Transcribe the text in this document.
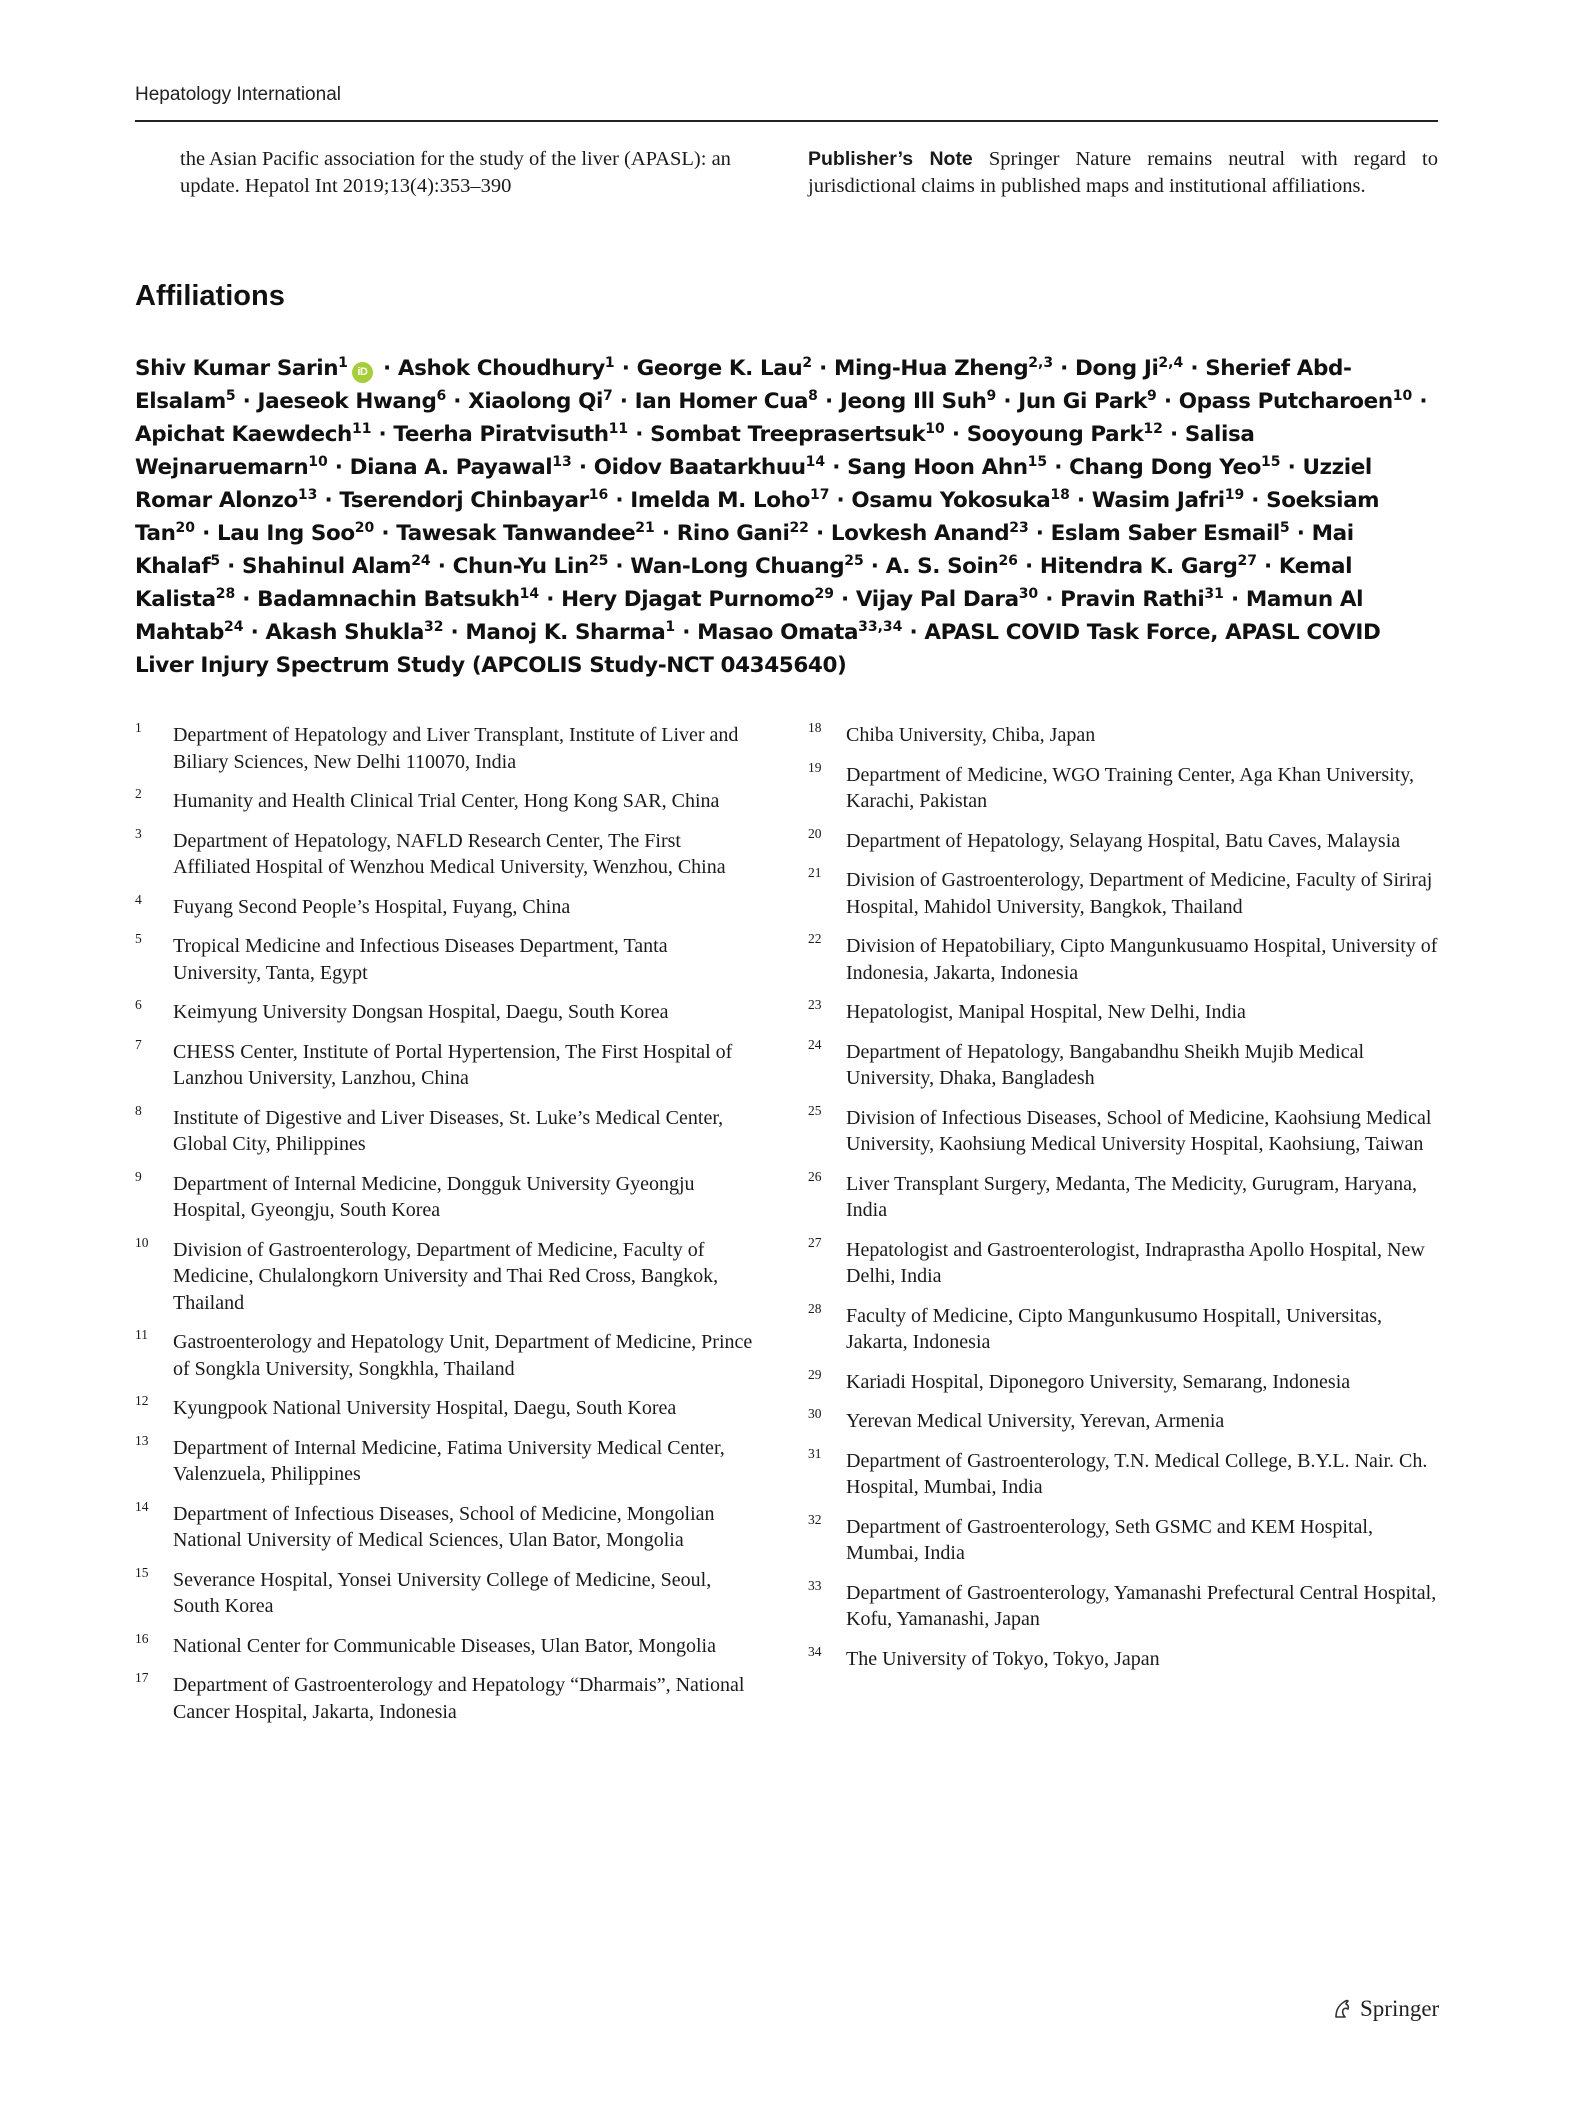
Hepatology International
the Asian Pacific association for the study of the liver (APASL): an update. Hepatol Int 2019;13(4):353–390
Publisher’s Note Springer Nature remains neutral with regard to jurisdictional claims in published maps and institutional affiliations.
Affiliations
Shiv Kumar Sarin$^1$iD · Ashok Choudhury$^1$ · George K. Lau$^2$ · Ming-Hua Zheng$^{2,3}$ · Dong Ji$^{2,4}$ · Sherief Abd-Elsalam$^5$ · Jaeseok Hwang$^6$ · Xiaolong $Qi^7$ · Ian Homer Cua$^8$ · Jeong Ill Suh$^9$ · Jun Gi Park$^9$ · Opass Putcharoen$^{10}$ · Apichat Kaewdech$^{11}$ · Teerha Piratvisuth$^{11}$ · Sombat Treeprasertsuk$^{10}$ · Sooyoung Park$^{12}$ · Salisa Wejnaruemarn$^{10}$ · Diana A. Payawal$^{13}$ · Oidov Baatarkhuu$^{14}$ · Sang Hoon Ahn$^{15}$ · Chang Dong Yeo$^{15}$ · Uzziel Romar Alonzo$^{13}$ · Tserendorj Chinbayar$^{16}$ · Imelda M. Loho$^{17}$ · Osamu Yokosuka$^{18}$ · Wasim Jafri$^{19}$ · Soeksiam Tan$^{20}$ · Lau Ing Soo$^{20}$ · Tawesak Tanwandee$^{21}$ · Rino Gani$^{22}$ · Lovkesh Anand$^{23}$ · Eslam Saber Esmail$^5$ · Mai Khalaf$^5$ · Shahinul Alam$^{24}$ · Chun-Yu Lin$^{25}$ · Wan-Long Chuang$^{25}$ · A. S. Soin$^{26}$ · Hitendra K. Garg$^{27}$ · Kemal Kalista$^{28}$ · Badamnachin Batsukh$^{14}$ · Hery Djagat Purnomo$^{29}$ · Vijay Pal Dara$^{30}$ · Pravin Rathi$^{31}$ · Mamun Al Mahtab$^{24}$ · Akash Shukla$^{32}$ · Manoj K. Sharma$^1$ · Masao Omata$^{33,34}$ · APASL COVID Task Force, APASL COVID Liver Injury Spectrum Study (APCOLIS Study-NCT 04345640)
1 Department of Hepatology and Liver Transplant, Institute of Liver and Biliary Sciences, New Delhi 110070, India
2 Humanity and Health Clinical Trial Center, Hong Kong SAR, China
3 Department of Hepatology, NAFLD Research Center, The First Affiliated Hospital of Wenzhou Medical University, Wenzhou, China
4 Fuyang Second People’s Hospital, Fuyang, China
5 Tropical Medicine and Infectious Diseases Department, Tanta University, Tanta, Egypt
6 Keimyung University Dongsan Hospital, Daegu, South Korea
7 CHESS Center, Institute of Portal Hypertension, The First Hospital of Lanzhou University, Lanzhou, China
8 Institute of Digestive and Liver Diseases, St. Luke’s Medical Center, Global City, Philippines
9 Department of Internal Medicine, Dongguk University Gyeongju Hospital, Gyeongju, South Korea
10 Division of Gastroenterology, Department of Medicine, Faculty of Medicine, Chulalongkorn University and Thai Red Cross, Bangkok, Thailand
11 Gastroenterology and Hepatology Unit, Department of Medicine, Prince of Songkla University, Songkhla, Thailand
12 Kyungpook National University Hospital, Daegu, South Korea
13 Department of Internal Medicine, Fatima University Medical Center, Valenzuela, Philippines
14 Department of Infectious Diseases, School of Medicine, Mongolian National University of Medical Sciences, Ulan Bator, Mongolia
15 Severance Hospital, Yonsei University College of Medicine, Seoul, South Korea
16 National Center for Communicable Diseases, Ulan Bator, Mongolia
17 Department of Gastroenterology and Hepatology “Dharmais”, National Cancer Hospital, Jakarta, Indonesia
18 Chiba University, Chiba, Japan
19 Department of Medicine, WGO Training Center, Aga Khan University, Karachi, Pakistan
20 Department of Hepatology, Selayang Hospital, Batu Caves, Malaysia
21 Division of Gastroenterology, Department of Medicine, Faculty of Siriraj Hospital, Mahidol University, Bangkok, Thailand
22 Division of Hepatobiliary, Cipto Mangunkusuamo Hospital, University of Indonesia, Jakarta, Indonesia
23 Hepatologist, Manipal Hospital, New Delhi, India
24 Department of Hepatology, Bangabandhu Sheikh Mujib Medical University, Dhaka, Bangladesh
25 Division of Infectious Diseases, School of Medicine, Kaohsiung Medical University, Kaohsiung Medical University Hospital, Kaohsiung, Taiwan
26 Liver Transplant Surgery, Medanta, The Medicity, Gurugram, Haryana, India
27 Hepatologist and Gastroenterologist, Indraprastha Apollo Hospital, New Delhi, India
28 Faculty of Medicine, Cipto Mangunkusumo Hospitall, Universitas, Jakarta, Indonesia
29 Kariadi Hospital, Diponegoro University, Semarang, Indonesia
30 Yerevan Medical University, Yerevan, Armenia
31 Department of Gastroenterology, T.N. Medical College, B.Y.L. Nair. Ch. Hospital, Mumbai, India
32 Department of Gastroenterology, Seth GSMC and KEM Hospital, Mumbai, India
33 Department of Gastroenterology, Yamanashi Prefectural Central Hospital, Kofu, Yamanashi, Japan
34 The University of Tokyo, Tokyo, Japan
Springer
